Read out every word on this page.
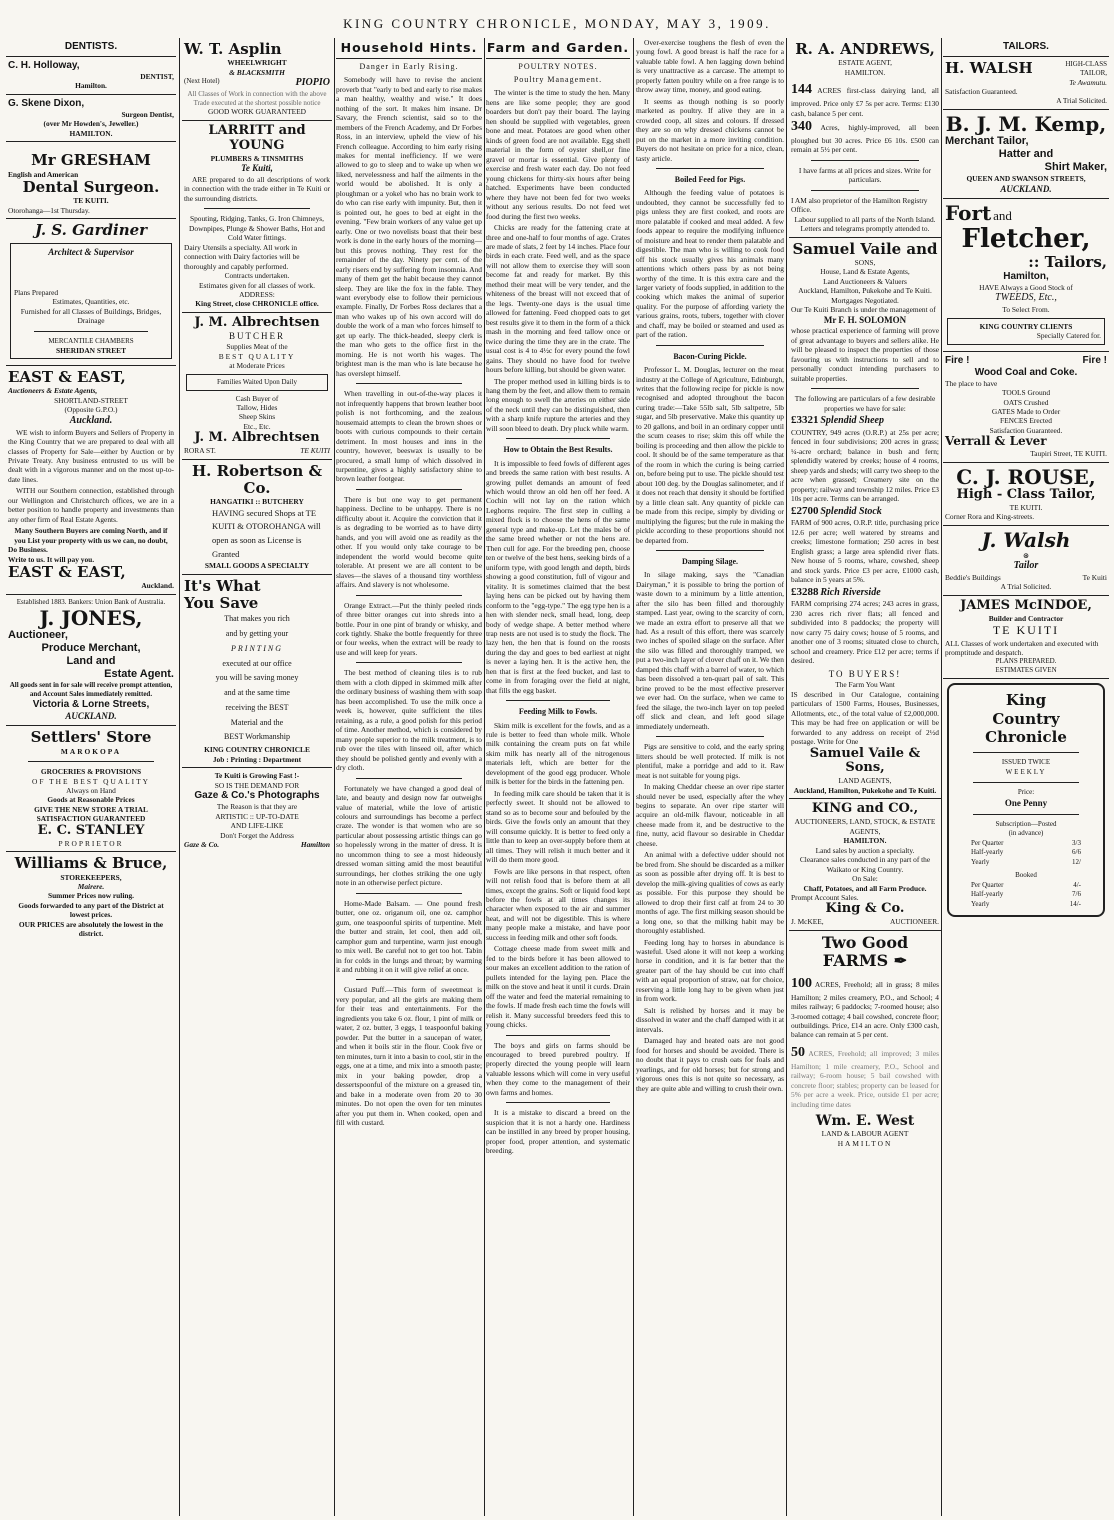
KING COUNTRY CHRONICLE, MONDAY, MAY 3, 1909.
DENTISTS.
C. H. Holloway,
DENTIST,
Hamilton.
G. Skene Dixon,
Surgeon Dentist,
(over Mr Howden's, Jeweller.)
HAMILTON.
Mr GRESHAM
English and American
Dental Surgeon.
TE KUITI.
Otorohanga—1st Thursday.
J. S. Gardiner
Architect & Supervisor
Plans Prepared
Estimates, Quantities, etc.
Furnished for all Classes of Buildings, Bridges, Drainage
MERCANTILE CHAMBERS
SHERIDAN STREET
EAST & EAST,
Auctioneers & Estate Agents,
SHORTLAND-STREET
(Opposite G.P.O.)
Auckland.
WE wish to inform Buyers and Sellers of Property in the King Country that we are prepared to deal with all classes of Property for Sale—either by Auction or by Private Treaty. Any business entrusted to us will be dealt with in a vigorous manner and on the most up-to-date lines.
WITH our Southern connection, established through our Wellington and Christchurch offices, we are in a better position to handle property and investments than any other firm of Real Estate Agents.
Many Southern Buyers are coming North, and if you List your property with us we can, no doubt,
Do Business.
Write to us. It will pay you.
EAST & EAST,
Auckland.
Established 1883. Bankers: Union Bank of Australia.
J. JONES,
Auctioneer,
Produce Merchant,
Land and
Estate Agent.
All goods sent in for sale will receive prompt attention, and Account Sales immediately remitted.
Victoria & Lorne Streets,
AUCKLAND.
Settlers' Store
MAROKOPA
GROCERIES & PROVISIONS
OF THE BEST QUALITY
Always on Hand
Goods at Reasonable Prices
GIVE THE NEW STORE A TRIAL
SATISFACTION GUARANTEED
E. C. STANLEY
PROPRIETOR
Williams & Bruce,
STOREKEEPERS,
Mairere.
Summer Prices now ruling.
Goods forwarded to any part of the District at lowest prices.
OUR PRICES are absolutely the lowest in the district.
W. T. Asplin
WHEELWRIGHT
& BLACKSMITH
(Next Hotel)	PIOPIO
All Classes of Work in connection with the above Trade executed at the shortest possible notice
GOOD WORK GUARANTEED
LARRITT and YOUNG
PLUMBERS & TINSMITHS
Te Kuiti,
ARE prepared to do all descriptions of work in connection with the trade either in Te Kuiti or the surrounding districts.
Spouting, Ridging, Tanks, G. Iron Chimneys, Downpipes, Plunge & Shower Baths, Hot and Cold Water fittings.
Dairy Utensils a specialty. All work in connection with Dairy factories will be thoroughly and capably performed.
Contracts undertaken.
Estimates given for all classes of work.
ADDRESS:
King Street, close CHRONICLE office.
J. M. Albrechtsen
BUTCHER
Supplies Meat of the
BEST QUALITY
at Moderate Prices
Families Waited Upon Daily
Cash Buyer of
Tallow, Hides
Sheep Skins
Etc., Etc.
J. M. Albrechtsen
RORA ST.	TE KUITI
H. Robertson & Co.
HANGATIKI :: BUTCHERY
HAVING secured Shops at TE KUITI & OTOROHANGA will open as soon as License is Granted
SMALL GOODS A SPECIALTY
It's What
You Save
That makes you rich
and by getting your
PRINTING
executed at our office
you will be saving money
and at the same time
receiving the BEST
Material and the
BEST Workmanship
KING COUNTRY CHRONICLE
Job : Printing : Department
Te Kuiti is Growing Fast !-
SO IS THE DEMAND FOR
Gaze & Co.'s Photographs
The Reason is that they are
ARTISTIC :: UP-TO-DATE
AND LIFE-LIKE
Don't Forget the Address
Gaze & Co.	Hamilton
Household Hints.
Danger in Early Rising.
Somebody will have to revise the ancient proverb that "early to bed and early to rise makes a man healthy, wealthy and wise." It does nothing of the sort. It makes him insane. Dr Savary, the French scientist, said so to the members of the French Academy, and Dr Forbes Ross, in an interview, upheld the view of his French colleague. According to him early rising makes for mental inefficiency. If we were allowed to go to sleep and to wake up when we liked, nervelessness and half the ailments in the world would be abolished. It is only a ploughman or a yokel who has no brain work to do who can rise early with impunity. But, then it is pointed out, he goes to bed at eight in the evening. "Few brain workers of any value get up early. One or two novelists boast that their best work is done in the early hours of the morning—but this proves nothing. They rest for the remainder of the day. Ninety per cent. of the early risers end by suffering from insomnia. And many of them get the habit because they cannot sleep. They are like the fox in the fable. They want everybody else to follow their pernicious example. Finally, Dr Forbes Ross declares that a man who wakes up of his own accord will do double the work of a man who forces himself to get up early. The thick-headed, sleepy clerk is the man who gets to the office first in the morning. He is not worth his wages. The brightest man is the man who is late because he has overslept himself.
When travelling in out-of-the-way places it not infrequently happens that brown leather boot polish is not forthcoming, and the zealous housemaid attempts to clean the brown shoes or boots with curious compounds to their certain detriment. In most houses and inns in the country, however, beeswax is usually to be procured, a small lump of which dissolved in turpentine, gives a highly satisfactory shine to brown leather footgear.
There is but one way to get permanent happiness. Decline to be unhappy. There is no difficulty about it. Acquire the conviction that it is as degrading to be worried as to have dirty hands, and you will avoid one as readily as the other. If you would only take courage to be independent the world would become quite tolerable. At present we are all content to be slaves—the slaves of a thousand tiny worthless affairs. And slavery is not wholesome.
Orange Extract.—Put the thinly peeled rinds of three bitter oranges cut into shreds into a bottle. Pour in one pint of brandy or whisky, and cork tightly. Shake the bottle frequently for three or four weeks, when the extract will be ready to use and will keep for years.
The best method of cleaning tiles is to rub them with a cloth dipped in skimmed milk after the ordinary business of washing them with soap has been accomplished. To use the milk once a week is, however, quite sufficient the tiles retaining, as a rule, a good polish for this period of time. Another method, which is considered by many people superior to the milk treatment, is to rub over the tiles with linseed oil, after which they should be polished gently and evenly with a dry cloth.
Fortunately we have changed a good deal of late, and beauty and design now far outweighs value of material, while the love of artistic colours and surroundings has become a perfect craze. The wonder is that women who are so particular about possessing artistic things can go so hopelessly wrong in the matter of dress. It is no uncommon thing to see a most hideously dressed woman sitting amid the most beautiful surroundings, her clothes striking the one ugly note in an otherwise perfect picture.
Home-Made Balsam. — One pound fresh butter, one oz. origanum oil, one oz. camphor gum, one teaspoonful spirits of turpentine. Melt the butter and strain, let cool, then add oil, camphor gum and turpentine, warm just enough to mix well. Be careful not to get too hot. Tabin in for colds in the lungs and throat; by warming it and rubbing it on it will give relief at once.
Custard Puff.—This form of sweetmeat is very popular, and all the girls are making them for their teas and entertainments. For the ingredients you take 6 oz. flour, 1 pint of milk or water, 2 oz. butter, 3 eggs, 1 teaspoonful baking powder. Put the butter in a saucepan of water, and when it boils stir in the flour. Cook five or ten minutes, turn it into a basin to cool, stir in the eggs, one at a time, and mix into a smooth paste; mix in your baking powder, drop a dessertspoonful of the mixture on a greased tin, and bake in a moderate oven from 20 to 30 minutes. Do not open the oven for ten minutes after you put them in. When cooked, open and fill with custard.
Farm and Garden.
POULTRY NOTES.
Poultry Management.
The winter is the time to study the hen. Many hens are like some people; they are good boarders but don't pay their board. The laying hen should be supplied with vegetables, green bone and meat. Potatoes are good when other kinds of green food are not available. Egg shell material in the form of oyster shell,or fine gravel or mortar is essential. Give plenty of exercise and fresh water each day. Do not feed young chickens for thirty-six hours after being hatched. Experiments have been conducted where they have not been fed for two weeks without any serious results. Do not feed wet food during the first two weeks.
Chicks are ready for the fattening crate at three and one-half to four months of age. Crates are made of slats, 2 feet by 14 inches. Place four birds in each crate. Feed well, and as the space will not allow them to exercise they will soon become fat and ready for market. By this method their meat will be very tender, and the whiteness of the breast will not exceed that of the legs. Twenty-one days is the usual time allowed for fattening. Feed chopped oats to get best results give it to them in the form of a thick mash in the morning and feed tallow once or twice during the time they are in the crate. The usual cost is 4 to 4½c for every pound the fowl gains. They should no have food for twelve hours before killing, but should be given water.
The proper method used in killing birds is to hang them by the feet, and allow them to remain long enough to swell the arteries on either side of the neck until they can be distinguished, then with a sharp knife rupture the arteries and they will soon bleed to death. Dry pluck while warm.
How to Obtain the Best Results.
It is impossible to feed fowls of different ages and breeds the same ration with best results. A growing pullet demands an amount of feed which would throw an old hen off her feed. A Cochin will not lay on the ration which Leghorns require. The first step in culling a mixed flock is to choose the hens of the same general type and make-up. Let the males be of the same breed whether or not the hens are. Then cull for age. For the breeding pen, choose ten or twelve of the best hens, seeking birds of a uniform type, with good length and depth, birds showing a good constitution, full of vigour and vitality. It is sometimes claimed that the best laying hens can be picked out by having them conform to the "egg-type." The egg type hen is a hen with slender neck, small head, long, deep body of wedge shape. A better method where trap nests are not used is to study the flock. The lazy hen, the hen that is found on the roosts during the day and goes to bed earliest at night is never a laying hen. It is the active hen, the hen that is first at the feed bucket, and last to come in from foraging over the field at night, that fills the egg basket.
Feeding Milk to Fowls.
Skim milk is excellent for the fowls, and as a rule is better to feed than whole milk. Whole milk containing the cream puts on fat while skim milk has nearly all of the nitrogenous materials left, which are better for the development of the good egg producer. Whole milk is better for the birds in the fattening pen.
In feeding milk care should be taken that it is perfectly sweet. It should not be allowed to stand so as to become sour and befouled by the birds. Give the fowls only an amount that they will consume quickly. It is better to feed only a little than to keep an over-supply before them at all times. They will relish it much better and it will do them more good.
Fowls are like persons in that respect, often will not relish food that is before them at all times, except the grains. Soft or liquid food kept before the fowls at all times changes its character when exposed to the air and summer heat, and will not be digestible. This is where many people make a mistake, and have poor success in feeding milk and other soft foods.
Cottage cheese made from sweet milk and fed to the birds before it has been allowed to sour makes an excellent addition to the ration of pullets intended for the laying pen. Place the milk on the stove and heat it until it curds. Drain off the water and feed the material remaining to the fowls. If made fresh each time the fowls will relish it. Many successful breeders feed this to young chicks.
The boys and girls on farms should be encouraged to breed purebred poultry. If properly directed the young people will learn valuable lessons which will come in very useful when they come to the management of their own farms and homes.
It is a mistake to discard a breed on the suspicion that it is not a hardy one. Hardiness can be instilled in any breed by proper housing, proper food, proper attention, and systematic breeding.
Over-exercise toughens the flesh of even the young fowl. A good breast is half the race for a valuable table fowl. A hen lagging down behind is very unattractive as a carcase. The attempt to properly fatten poultry while on a free range is to throw away time, money, and good eating.
It seems as though nothing is so poorly marketed as poultry. If alive they are in a crowded coop, all sizes and colours. If dressed they are so on why dressed chickens cannot be put on the market in a more inviting condition. Buyers do not hesitate on price for a nice, clean, tasty article.
Boiled Feed for Pigs.
Although the feeding value of potatoes is undoubted, they cannot be successfully fed to pigs unless they are first cooked, and roots are more palatable if cooked and meal added. A few foods appear to require the modifying influence of moisture and heat to render them palatable and digestible. The man who is willing to cook food off his stock usually gives his animals many attentions which others pass by as not being worthy of the time. It is this extra care and the larger variety of foods supplied, in addition to the cooking which makes the animal of superior quality. For the purpose of affording variety the various grains, roots, tubers, together with clover and chaff, may be boiled or steamed and used as part of the ration.
Bacon-Curing Pickle.
Professor L. M. Douglas, lecturer on the meat industry at the College of Agriculture, Edinburgh, writes that the following recipe for pickle is now recognised and adopted throughout the bacon curing trade:—Take 55lb salt, 5lb saltpetre, 5lb sugar, and 5lb preservative. Make this quantity up to 20 gallons, and boil in an ordinary copper until the scum ceases to rise; skim this off while the boiling is proceeding and then allow the pickle to cool. It should be of the same temperature as that of the room in which the curing is being carried on, before being put to use. The pickle should test about 100 deg. by the Douglas salinometer, and if it does not reach that density it should be fortified by a little clean salt. Any quantity of pickle can be made from this recipe, simply by dividing or multiplying the figures; but the rule in making the pickle according to these proportions should not be departed from.
Damping Silage.
In silage making, says the "Canadian Dairyman," it is possible to bring the portion of waste down to a minimum by a little attention, after the silo has been filled and thoroughly stamped. Last year, owing to the scarcity of corn, we made an extra effort to preserve all that we had. As a result of this effort, there was scarcely two inches of spoiled silage on the surface. After the silo was filled and thoroughly tramped, we put a two-inch layer of clover chaff on it. We then damped this chaff with a barrel of water, to which has been dissolved a ten-quart pail of salt. This brine proved to be the most effective preserver we ever had. On the surface, when we came to feed the silage, the two-inch layer on top peeled off slick and clean, and left good silage immediately underneath.
Pigs are sensitive to cold, and the early spring litters should be well protected. If milk is not plentiful, make a porridge and add to it. Raw meat is not suitable for young pigs.
In making Cheddar cheese an over ripe starter should never be used, especially after the whey begins to separate. An over ripe starter will acquire an old-milk flavour, noticeable in all cheese made from it, and be destructive to the fine, nutty, acid flavour so desirable in Cheddar cheese.
An animal with a defective udder should not be bred from. She should be discarded as a milker as soon as possible after drying off. It is best to develop the milk-giving qualities of cows as early as possible. For this purpose they should be allowed to drop their first calf at from 24 to 30 months of age. The first milking season should be a long one, so that the milking habit may be thoroughly established.
Feeding long hay to horses in abundance is wasteful. Used alone it will not keep a working horse in condition, and it is far better that the greater part of the hay should be cut into chaff with an equal proportion of straw, oat for choice, reserving a little long hay to be given when just in from work.
Salt is relished by horses and it may be dissolved in water and the chaff damped with it at intervals.
Damaged hay and heated oats are not good food for horses and should be avoided. There is no doubt that it pays to crush oats for foals and yearlings, and for old horses; but for strong and vigorous ones this is not quite so necessary, as they are quite able and willing to crush their own.
R. A. ANDREWS,
ESTATE AGENT,
HAMILTON.
144 ACRES first-class dairying land, all improved. Price only £7 5s per acre. Terms: £130 cash, balance 5 per cent.
340 Acres, highly-improved, all been ploughed but 30 acres. Price £6 10s. £500 can remain at 5½ per cent.
I have farms at all prices and sizes. Write for particulars.
I AM also proprietor of the Hamilton Registry Office.
Labour supplied to all parts of the North Island.
Letters and telegrams promptly attended to.
Samuel Vaile and
SONS,
House, Land & Estate Agents,
Land Auctioneers & Valuers
Auckland, Hamilton, Pukekohe and Te Kuiti.
Mortgages Negotiated.
Our Te Kuiti Branch is under the management of
Mr F. H. SOLOMON
whose practical experience of farming will prove of great advantage to buyers and sellers alike. He will be pleased to inspect the properties of those favouring us with instructions to sell and to personally conduct intending purchasers to suitable properties.
The following are particulars of a few desirable properties we have for sale:
£3321 Splendid Sheep
COUNTRY, 949 acres (O.R.P.) at 25s per acre; fenced in four subdivisions; 200 acres in grass; ¼-acre orchard; balance in bush and fern; splendidly watered by creeks; house of 4 rooms, sheep yards and sheds; will carry two sheep to the acre when grassed; Creamery site on the property; railway and township 12 miles. Price £3 10s per acre. Terms can be arranged.
£2700 Splendid Stock
FARM of 900 acres, O.R.P. title, purchasing price 12.6 per acre; well watered by streams and creeks; limestone formation; 250 acres in best English grass; a large area splendid river flats. New house of 5 rooms, whare, cowshed, sheep and stock yards. Price £3 per acre, £1000 cash, balance in 5 years at 5%.
£3288 Rich Riverside
FARM comprising 274 acres; 243 acres in grass, 230 acres rich river flats; all fenced and subdivided into 8 paddocks; the property will now carry 75 dairy cows; house of 5 rooms, and another one of 3 rooms; situated close to church, school and creamery. Price £12 per acre; terms if desired.
TO BUYERS!
The Farm You Want
IS described in Our Catalogue, containing particulars of 1500 Farms, Houses, Businesses, Allotments, etc., of the total value of £2,000,000. This may be had free on application or will be forwarded to any address on receipt of 2½d postage. Write for One
Samuel Vaile & Sons,
LAND AGENTS,
Auckland, Hamilton, Pukekohe and Te Kuiti.
KING and CO.,
AUCTIONEERS, LAND, STOCK, & ESTATE AGENTS,
HAMILTON.
Land sales by auction a specialty.
Clearance sales conducted in any part of the Waikato or King Country.
On Sale:
Chaff, Potatoes, and all Farm Produce.
Prompt Account Sales.
King & Co.
J. McKEE,	AUCTIONEER.
Two Good
FARMS ✒
100 ACRES, Freehold; all in grass; 8 miles Hamilton; 2 miles creamery, P.O., and School; 4 miles railway; 6 paddocks; 7-roomed house; also 3-roomed cottage; 4 bail cowshed, concrete floor; outbuildings. Price, £14 an acre. Only £300 cash, balance can remain at 5 per cent.
50 ACRES, Freehold; all improved; 3 miles Hamilton; 1 mile creamery, P.O., School and railway; 6-room house; 5 bail cowshed with concrete floor; stables; property can be leased for 5% per acre a week. Price, outside £1 per acre; including time dates
Wm. E. West
LAND & LABOUR AGENT
HAMILTON
TAILORS.
H. WALSH	HIGH-CLASS TAILOR,
Te Awamutu.
Satisfaction Guaranteed.
A Trial Solicited.
B. J. M. Kemp,
Merchant Tailor,
Hatter and
Shirt Maker,
QUEEN AND SWANSON STREETS,
AUCKLAND.
Fort and
Fletcher,
:: Tailors,
Hamilton,
HAVE Always a Good Stock of
TWEEDS, Etc.,
To Select From.
KING COUNTRY CLIENTS
Specially Catered for.
Fire !	Fire !
Wood Coal and Coke.
The place to have
TOOLS Ground
OATS Crushed
GATES Made to Order
FENCES Erected
Satisfaction Guaranteed.
Verrall & Lever
Taupiri Street, TE KUITI.
C. J. ROUSE,
High - Class Tailor,
TE KUITI.
Corner Rora and King-streets.
J. Walsh
⊛
Tailor
Beddie's Buildings	Te Kuiti
A Trial Solicited.
JAMES McINDOE,
Builder and Contractor
TE KUITI
ALL Classes of work undertaken and executed with promptitude and despatch.
PLANS PREPARED.
ESTIMATES GIVEN
King
Country
Chronicle
ISSUED TWICE
WEEKLY
Price:
One Penny
Subscription—Posted
(in advance)
Per Quarter	3/3
Half-yearly	6/6
Yearly	12/
Booked
Per Quarter	4/-
Half-yearly	7/6
Yearly	14/-
